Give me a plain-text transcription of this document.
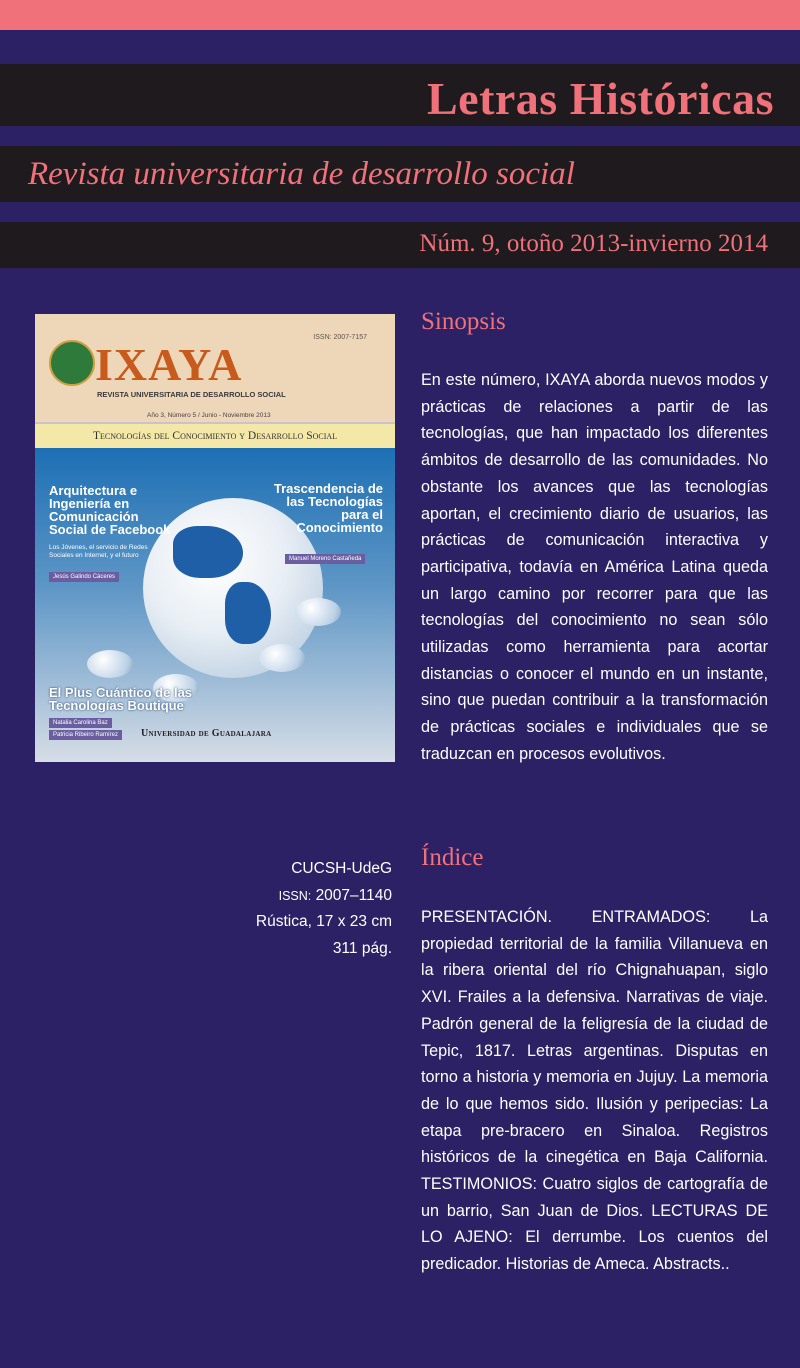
Letras Históricas
Revista universitaria de desarrollo social
Núm. 9, otoño 2013-invierno 2014
IXAYA
REVISTA UNIVERSITARIA DE DESARROLLO SOCIAL
ISSN: 2007-7157
Año 3, Número 5 / Junio - Noviembre 2013
Tecnologías del Conocimiento y Desarrollo Social
Arquitectura e Ingeniería en Comunicación Social de Facebook
Los Jóvenes, el servicio de Redes Sociales en Internet, y el futuro
Jesús Galindo Cáceres
Trascendencia de las Tecnologías para el Conocimiento
Manuel Moreno Castañeda
El Plus Cuántico de las Tecnologías Boutique
Natalia Carolina Baz
Patricia Ribeiro Ramírez	Universidad de Guadalajara
Sinopsis

En este número, IXAYA aborda nuevos modos y prácticas de relaciones a partir de las tecnologías, que han impactado los diferentes ámbitos de desarrollo de las comunidades. No obstante los avances que las tecnologías aportan, el crecimiento diario de usuarios, las prácticas de comunicación interactiva y participativa, todavía en América Latina queda un largo camino por recorrer para que las tecnologías del conocimiento no sean sólo utilizadas como herramienta para acortar distancias o conocer el mundo en un instante, sino que puedan contribuir a la transformación de prácticas sociales e individuales que se traduzcan en procesos evolutivos.

CUCSH-UdeG
ISSN: 2007–1140
Rústica, 17 x 23 cm
311 pág.
Índice

PRESENTACIÓN. ENTRAMADOS: La propiedad territorial de la familia Villanueva en la ribera oriental del río Chignahuapan, siglo XVI. Frailes a la defensiva. Narrativas de viaje. Padrón general de la feligresía de la ciudad de Tepic, 1817. Letras argentinas. Disputas en torno a historia y memoria en Jujuy. La memoria de lo que hemos sido. Ilusión y peripecias: La etapa pre-bracero en Sinaloa. Registros históricos de la cinegética en Baja California. TESTIMONIOS: Cuatro siglos de cartografía de un barrio, San Juan de Dios. LECTURAS DE LO AJENO: El derrumbe. Los cuentos del predicador. Historias de Ameca. Abstracts..
